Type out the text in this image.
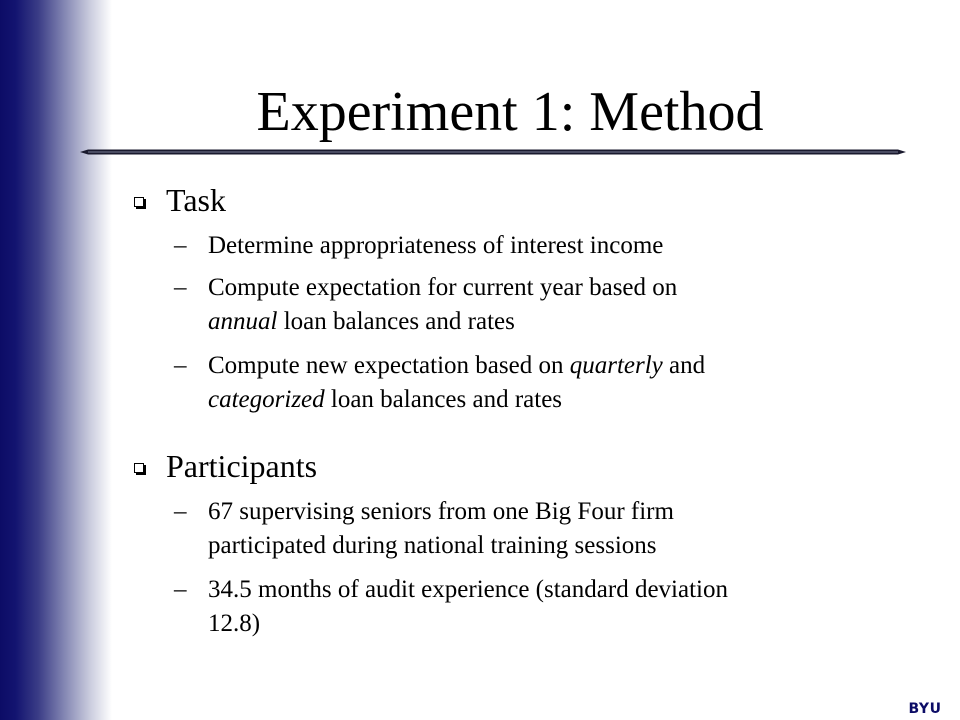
Experiment 1: Method
Task
– Determine appropriateness of interest income
– Compute expectation for current year based on
annual loan balances and rates
– Compute new expectation based on quarterly and
categorized loan balances and rates
Participants
– 67 supervising seniors from one Big Four firm
participated during national training sessions
– 34.5 months of audit experience (standard deviation
12.8)
BYU
